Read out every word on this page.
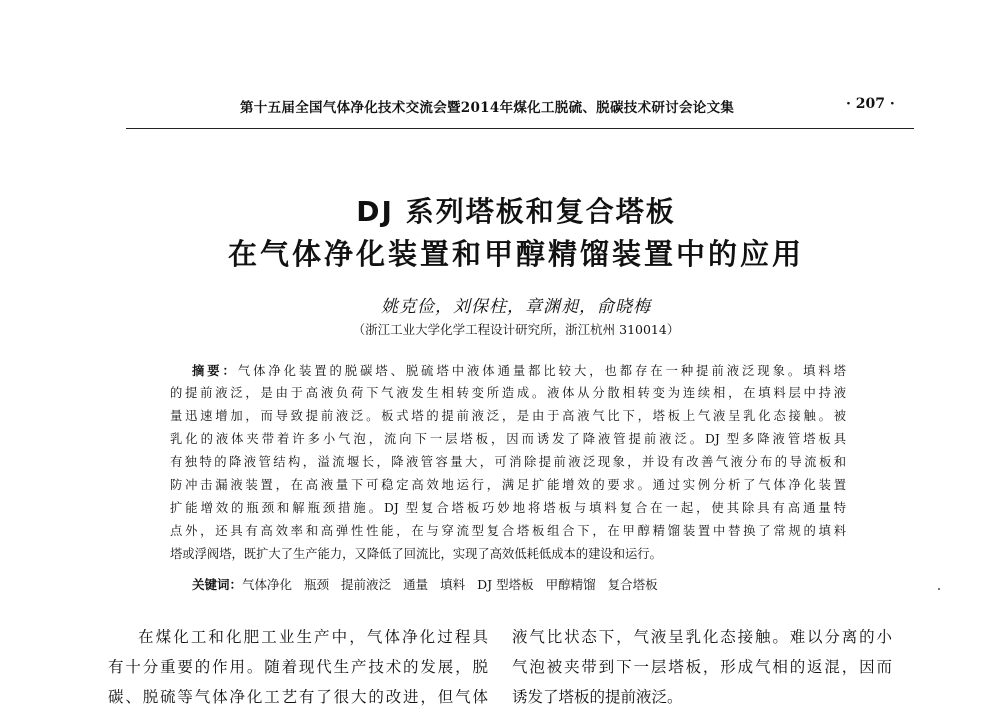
第十五届全国气体净化技术交流会暨2014年煤化工脱硫、脱碳技术研讨会论文集	· 207 ·
DJ 系列塔板和复合塔板
在气体净化装置和甲醇精馏装置中的应用
姚克俭，刘保柱，章渊昶，俞晓梅
（浙江工业大学化学工程设计研究所，浙江杭州 310014）
摘要：气体净化装置的脱碳塔、脱硫塔中液体通量都比较大，也都存在一种提前液泛现象。填料塔
的提前液泛，是由于高液负荷下气液发生相转变所造成。液体从分散相转变为连续相，在填料层中持液
量迅速增加，而导致提前液泛。板式塔的提前液泛，是由于高液气比下，塔板上气液呈乳化态接触。被
乳化的液体夹带着许多小气泡，流向下一层塔板，因而诱发了降液管提前液泛。DJ 型多降液管塔板具
有独特的降液管结构，溢流堰长，降液管容量大，可消除提前液泛现象，并设有改善气液分布的导流板和
防冲击漏液装置，在高液量下可稳定高效地运行，满足扩能增效的要求。通过实例分析了气体净化装置
扩能增效的瓶颈和解瓶颈措施。DJ 型复合塔板巧妙地将塔板与填料复合在一起，使其除具有高通量特
点外，还具有高效率和高弹性性能，在与穿流型复合塔板组合下，在甲醇精馏装置中替换了常规的填料
塔或浮阀塔，既扩大了生产能力，又降低了回流比，实现了高效低耗低成本的建设和运行。
关键词：气体净化 瓶颈 提前液泛 通量 填料 DJ 型塔板 甲醇精馏 复合塔板
在煤化工和化肥工业生产中，气体净化过程具
有十分重要的作用。随着现代生产技术的发展，脱
碳、脱硫等气体净化工艺有了很大的改进，但气体
液气比状态下，气液呈乳化态接触。难以分离的小
气泡被夹带到下一层塔板，形成气相的返混，因而
诱发了塔板的提前液泛。
